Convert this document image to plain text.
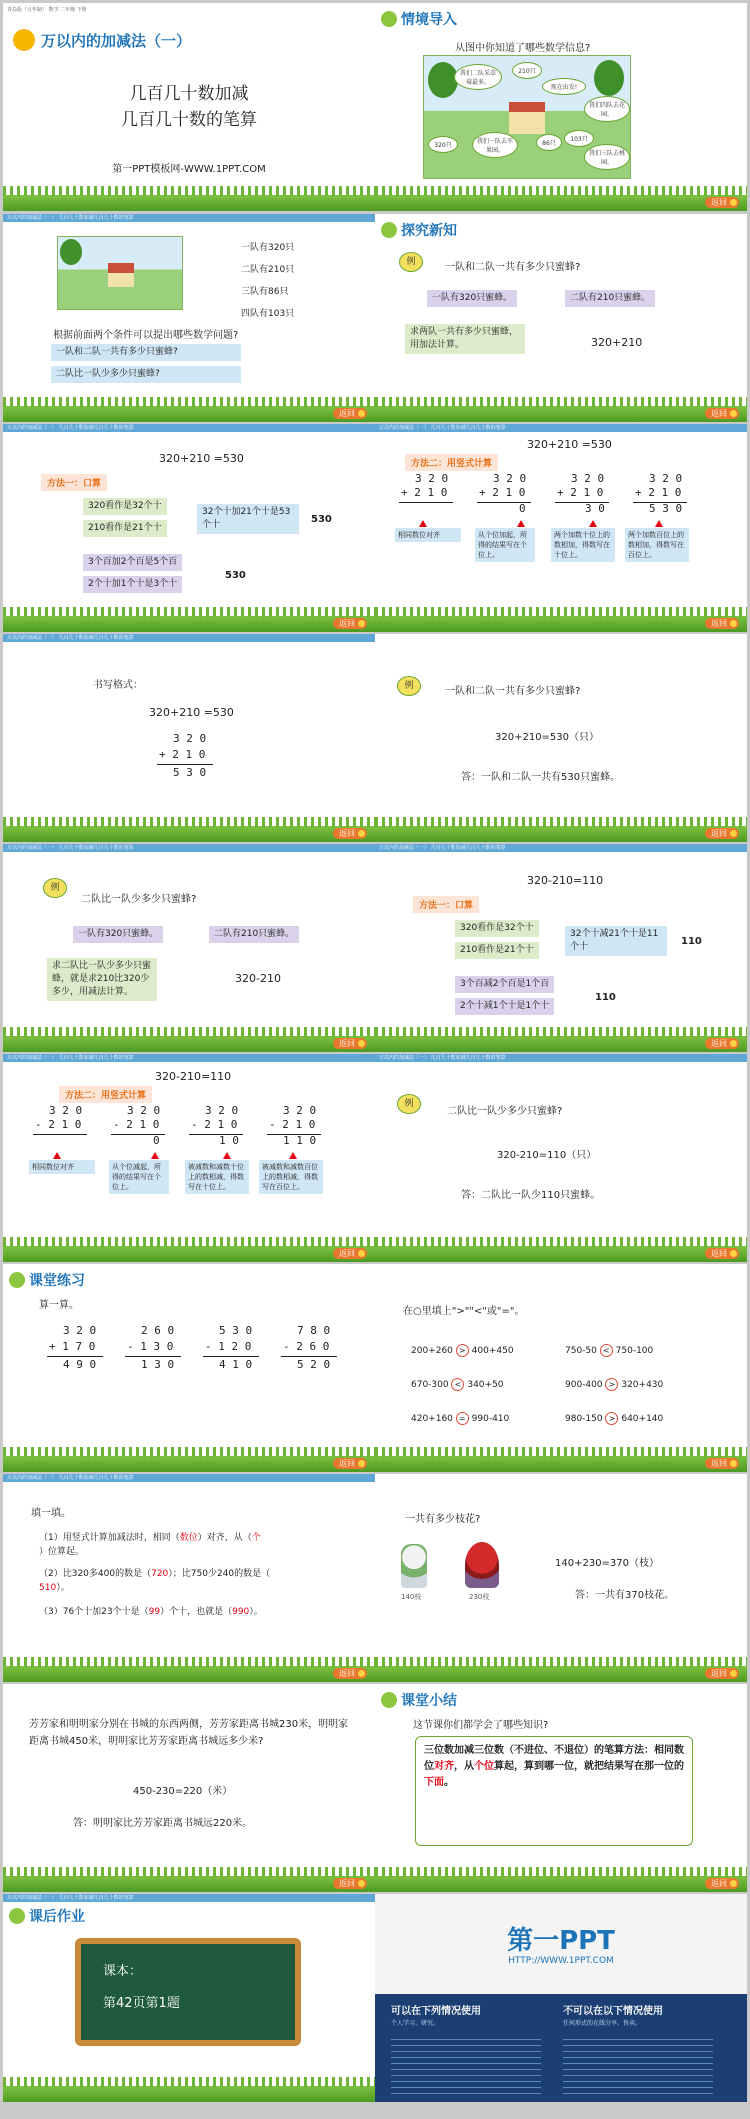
青岛版（五年制） 数学 二年级 下册
万以内的加减法（一）
几百几十数加减
几百几十数的笔算
第一PPT模板网-WWW.1PPT.COM
情境导入
从图中你知道了哪些数学信息?
我们二队采草莓最多。
210只
现在出发!
我们四队去花园。
我们一队去苹果园。
320只	86只
103只
我们三队去桃园。
返回
万以内的加减法（一） 几百几十数加减几百几十数的笔算
一队有320只
二队有210只
三队有86只
四队有103只
根据前面两个条件可以提出哪些数学问题?
一队和二队一共有多少只蜜蜂?
二队比一队少多少只蜜蜂?
返回
探究新知
例	一队和二队一共有多少只蜜蜂?
一队有320只蜜蜂。	二队有210只蜜蜂。
求两队一共有多少只蜜蜂，用加法计算。	320+210
返回
万以内的加减法（一） 几百几十数加减几百几十数的笔算
320+210 =530
方法一：口算
320看作是32个十
210看作是21个十
32个十加21个十是53个十	530
3个百加2个百是5个百
2个十加1个十是3个十
530
返回
万以内的加减法（一） 几百几十数加减几百几十数的笔算
320+210 =530
方法二：用竖式计算
3 2 0
+ 2 1 0
3 2 0
+ 2 1 0
0
3 2 0
+ 2 1 0
3 0
3 2 0
+ 2 1 0
5 3 0
相同数位对齐	从个位加起，所得的结果写在个位上。
两个加数十位上的数相加，得数写在十位上。
两个加数百位上的数相加，得数写在百位上。
返回
万以内的加减法（一） 几百几十数加减几百几十数的笔算
书写格式：
320+210 =530
3 2 0
+ 2 1 0
5 3 0
返回
例	一队和二队一共有多少只蜜蜂?
320+210=530（只）
答：一队和二队一共有530只蜜蜂。
返回
万以内的加减法（一） 几百几十数加减几百几十数的笔算
例
二队比一队少多少只蜜蜂?
一队有320只蜜蜂。	二队有210只蜜蜂。
求二队比一队少多少只蜜蜂，就是求210比320少多少，用减法计算。
320-210
返回
万以内的加减法（一） 几百几十数加减几百几十数的笔算
320-210=110
方法一：口算
320看作是32个十
210看作是21个十
32个十减21个十是11个十	110
3个百减2个百是1个百
2个十减1个十是1个十
110
返回
万以内的加减法（一） 几百几十数加减几百几十数的笔算
320-210=110
方法二：用竖式计算
3 2 0
- 2 1 0
3 2 0
- 2 1 0
0
3 2 0
- 2 1 0
1 0
3 2 0
- 2 1 0
1 1 0
相同数位对齐	从个位减起，所得的结果写在个位上。
被减数和减数十位上的数相减，得数写在十位上。
被减数和减数百位上的数相减，得数写在百位上。
返回
万以内的加减法（一） 几百几十数加减几百几十数的笔算
例
二队比一队少多少只蜜蜂?
320-210=110（只）
答：二队比一队少110只蜜蜂。
返回
课堂练习
算一算。
3 2 0
+ 1 7 0
4 9 0
2 6 0
- 1 3 0
1 3 0
5 3 0
- 1 2 0
4 1 0
7 8 0
- 2 6 0
5 2 0
返回
在○里填上">""<"或"="。
200+260 > 400+450	750-50 < 750-100
670-300 < 340+50	900-400 > 320+430
420+160 = 990-410	980-150 > 640+140
返回
万以内的加减法（一） 几百几十数加减几百几十数的笔算
填一填。
（1）用竖式计算加减法时，相同（数位）对齐，从（个
）位算起。
（2）比320多400的数是（720）；比750少240的数是（
510）。
（3）76个十加23个十是（99）个十，也就是（990）。
返回
一共有多少枝花?
140枝	230枝
140+230=370（枝）
答：一共有370枝花。
返回
芳芳家和明明家分别在书城的东西两侧，芳芳家距离书城230米，明明家距离书城450米，明明家比芳芳家距离书城远多少米?
450-230=220（米）
答：明明家比芳芳家距离书城远220米。
返回
课堂小结
这节课你们都学会了哪些知识?
三位数加减三位数（不进位、不退位）的笔算方法：相同数位对齐，从个位算起，算到哪一位，就把结果写在那一位的下面。
返回
万以内的加减法（一） 几百几十数加减几百几十数的笔算
课后作业
课本：
第42页第1题
第一PPT
HTTP://WWW.1PPT.COM
可以在下列情况使用
个人学习、研究。
不可以在以下情况使用
任何形式的在线分享、售卖。
